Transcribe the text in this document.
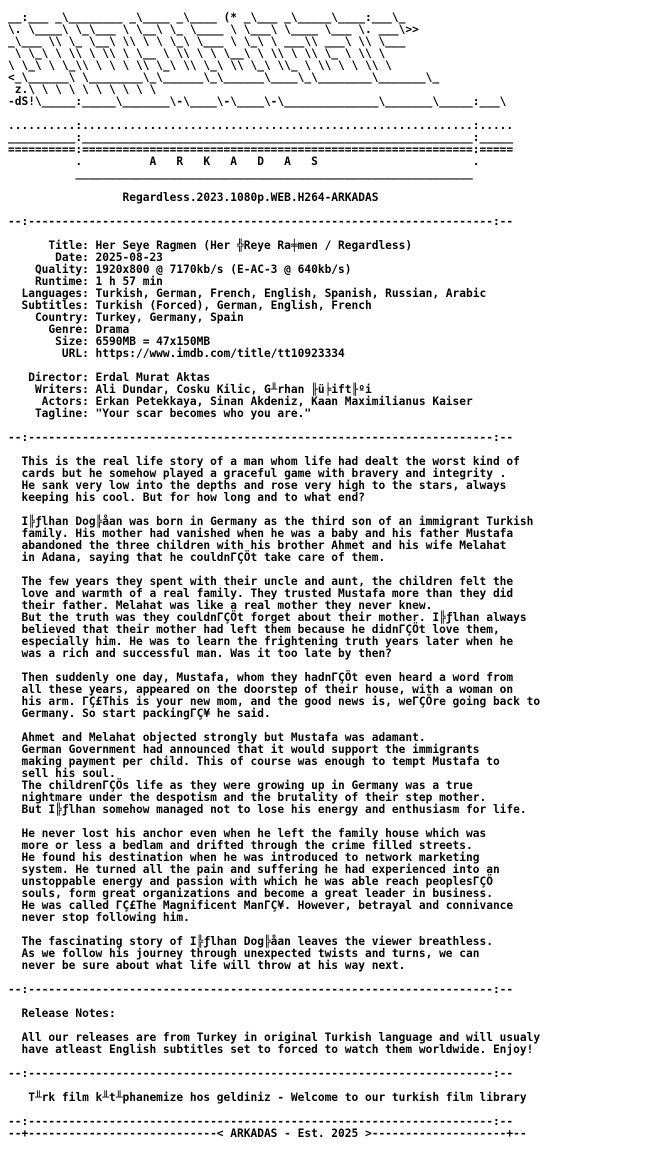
__:___ _\________ _\____ _\____ (* _\___ _\_____\____:___\_
\. \____\ \_\___ \ \__\ \_ \____ \ \___\ \____ \___ \. ___\>>
_\___ \\ \_ \__\ \\ \ \ \_\ \___ \ \_\ \ ___\\ ___\ \\ \___
\ \_\ \ \\ \ \\ \ \__ \ \\ \ \ \__\ \ \\ \ \\ \_ \ \\ \
\ \_\ \ \_\\ \ \ \ \\ \_\ \\ \_\ \\ \_\ \\_ \ \\ \ \ \\ \
<_\______\ \________\_\______\_\______\____\_\________\_______\_
z.\ \ \ \ \ \ \ \ \ \
-dS!\_____:_____\_______\-\____\-\____\-\______________\_______\_____:___\
..........:..........................................................:.....
__________:__________________________________________________________:_____
==========:==========================================================:=====
.          A   R   K   A   D   A   S                       .
___________________________________________________________
Regardless.2023.1080p.WEB.H264-ARKADAS
--:---------------------------------------------------------------------:--
Title: Her Seye Ragmen (Her ╬Reye Ra╪men / Regardless)
Date: 2025-08-23
Quality: 1920x800 @ 7170kb/s (E-AC-3 @ 640kb/s)
Runtime: 1 h 57 min
Languages: Turkish, German, French, English, Spanish, Russian, Arabic
Subtitles: Turkish (Forced), German, English, French
Country: Turkey, Germany, Spain
Genre: Drama
Size: 6590MB = 47x150MB
URL: https://www.imdb.com/title/tt10923334
Director: Erdal Murat Aktas
Writers: Ali Dundar, Cosku Kilic, G╨rhan ╟ü╞ift╟ºi
Actors: Erkan Petekkaya, Sinan Akdeniz, Kaan Maximilianus Kaiser
Tagline: "Your scar becomes who you are."
--:---------------------------------------------------------------------:--
This is the real life story of a man whom life had dealt the worst kind of
cards but he somehow played a graceful game with bravery and integrity .
He sank very low into the depths and rose very high to the stars, always
keeping his cool. But for how long and to what end?
I╠ƒlhan Dog╠åan was born in Germany as the third son of an immigrant Turkish
family. His mother had vanished when he was a baby and his father Mustafa
abandoned the three children with his brother Ahmet and his wife Melahat
in Adana, saying that he couldnΓÇÖt take care of them.
The few years they spent with their uncle and aunt, the children felt the
love and warmth of a real family. They trusted Mustafa more than they did
their father. Melahat was like a real mother they never knew.
But the truth was they couldnΓÇÖt forget about their mother. I╠ƒlhan always
believed that their mother had left them because he didnΓÇÖt love them,
especially him. He was to learn the frightening truth years later when he
was a rich and successful man. Was it too late by then?
Then suddenly one day, Mustafa, whom they hadnΓÇÖt even heard a word from
all these years, appeared on the doorstep of their house, with a woman on
his arm. ΓÇ£This is your new mom, and the good news is, weΓÇÖre going back to
Germany. So start packingΓÇ¥ he said.
Ahmet and Melahat objected strongly but Mustafa was adamant.
German Government had announced that it would support the immigrants
making payment per child. This of course was enough to tempt Mustafa to
sell his soul.
The childrenΓÇÖs life as they were growing up in Germany was a true
nightmare under the despotism and the brutality of their step mother.
But I╠ƒlhan somehow managed not to lose his energy and enthusiasm for life.
He never lost his anchor even when he left the family house which was
more or less a bedlam and drifted through the crime filled streets.
He found his destination when he was introduced to network marketing
system. He turned all the pain and suffering he had experienced into an
unstoppable energy and passion with which he was able reach peoplesΓÇÖ
souls, form great organizations and become a great leader in business.
He was called ΓÇ£The Magnificent ManΓÇ¥. However, betrayal and connivance
never stop following him.
The fascinating story of I╠ƒlhan Dog╠åan leaves the viewer breathless.
As we follow his journey through unexpected twists and turns, we can
never be sure about what life will throw at his way next.
--:---------------------------------------------------------------------:--
Release Notes:
All our releases are from Turkey in original Turkish language and will usualy
have atleast English subtitles set to forced to watch them worldwide. Enjoy!
--:---------------------------------------------------------------------:--
T╨rk film k╨t╨phanemize hos geldiniz - Welcome to our turkish film library
--:---------------------------------------------------------------------:--
--+----------------------------< ARKADAS - Est. 2025 >--------------------+--
